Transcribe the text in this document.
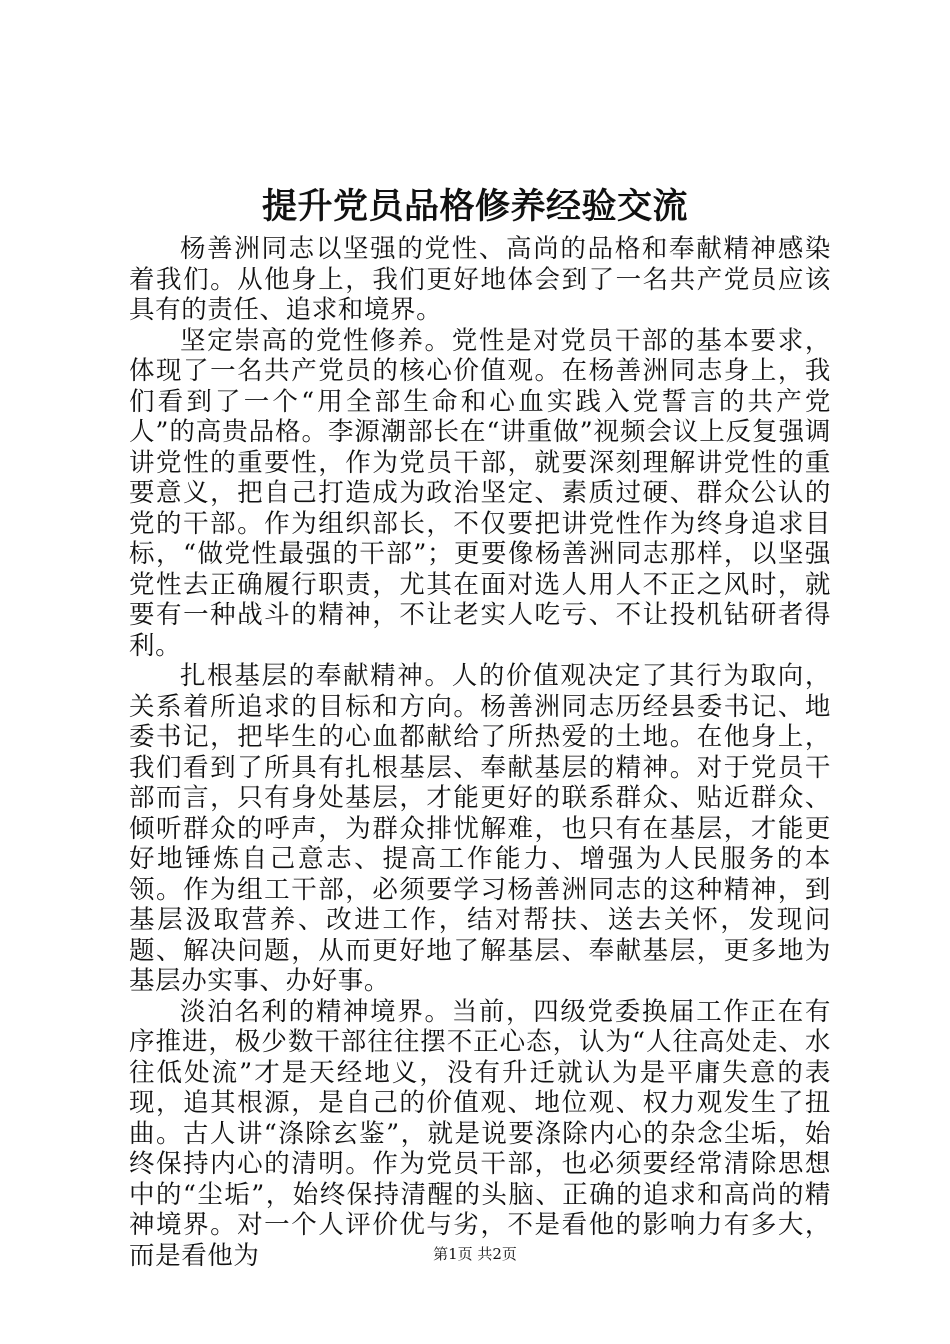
提升党员品格修养经验交流

杨善洲同志以坚强的党性、高尚的品格和奉献精神感染着我们。从他身上，我们更好地体会到了一名共产党员应该具有的责任、追求和境界。

坚定崇高的党性修养。党性是对党员干部的基本要求，体现了一名共产党员的核心价值观。在杨善洲同志身上，我们看到了一个“用全部生命和心血实践入党誓言的共产党人”的高贵品格。李源潮部长在“讲重做”视频会议上反复强调讲党性的重要性，作为党员干部，就要深刻理解讲党性的重要意义，把自己打造成为政治坚定、素质过硬、群众公认的党的干部。作为组织部长，不仅要把讲党性作为终身追求目标，“做党性最强的干部”；更要像杨善洲同志那样，以坚强党性去正确履行职责，尤其在面对选人用人不正之风时，就要有一种战斗的精神，不让老实人吃亏、不让投机钻研者得利。

扎根基层的奉献精神。人的价值观决定了其行为取向，关系着所追求的目标和方向。杨善洲同志历经县委书记、地委书记，把毕生的心血都献给了所热爱的土地。在他身上，我们看到了所具有扎根基层、奉献基层的精神。对于党员干部而言，只有身处基层，才能更好的联系群众、贴近群众、倾听群众的呼声，为群众排忧解难，也只有在基层，才能更好地锤炼自己意志、提高工作能力、增强为人民服务的本领。作为组工干部，必须要学习杨善洲同志的这种精神，到基层汲取营养、改进工作，结对帮扶、送去关怀，发现问题、解决问题，从而更好地了解基层、奉献基层，更多地为基层办实事、办好事。

淡泊名利的精神境界。当前，四级党委换届工作正在有序推进，极少数干部往往摆不正心态，认为“人往高处走、水往低处流”才是天经地义，没有升迁就认为是平庸失意的表现，追其根源，是自己的价值观、地位观、权力观发生了扭曲。古人讲“涤除玄鉴”，就是说要涤除内心的杂念尘垢，始终保持内心的清明。作为党员干部，也必须要经常清除思想中的“尘垢”，始终保持清醒的头脑、正确的追求和高尚的精神境界。对一个人评价优与劣，不是看他的影响力有多大，而是看他为	第1页 共2页
